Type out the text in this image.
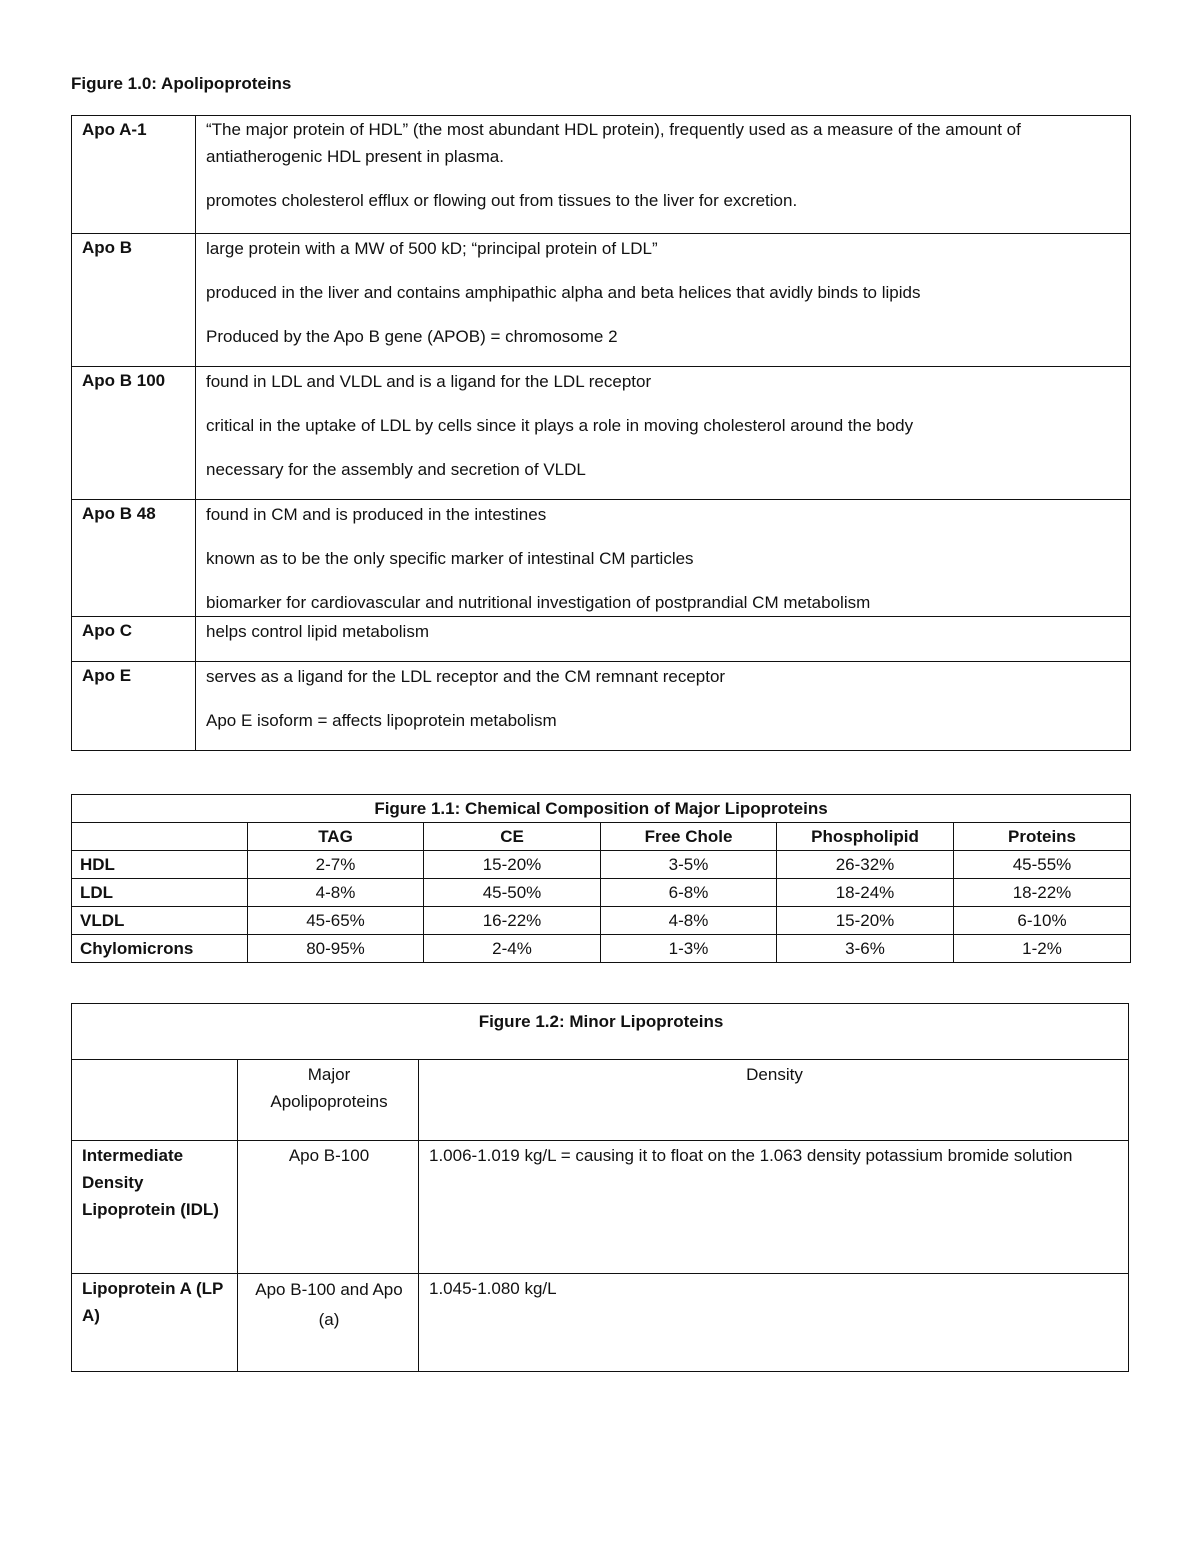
Figure 1.0: Apolipoproteins
Apo A-1	“The major protein of HDL” (the most abundant HDL protein), frequently used as a measure of the amount of antiatherogenic HDL present in plasma.
promotes cholesterol efflux or flowing out from tissues to the liver for excretion.

Apo B	large protein with a MW of 500 kD; “principal protein of LDL”
produced in the liver and contains amphipathic alpha and beta helices that avidly binds to lipids
Produced by the Apo B gene (APOB) = chromosome 2

Apo B 100	found in LDL and VLDL and is a ligand for the LDL receptor
critical in the uptake of LDL by cells since it plays a role in moving cholesterol around the body
necessary for the assembly and secretion of VLDL

Apo B 48	found in CM and is produced in the intestines
known as to be the only specific marker of intestinal CM particles
biomarker for cardiovascular and nutritional investigation of postprandial CM metabolism

Apo C	helps control lipid metabolism

Apo E	serves as a ligand for the LDL receptor and the CM remnant receptor
Apo E isoform = affects lipoprotein metabolism
Figure 1.1: Chemical Composition of Major Lipoproteins					
	TAG	CE	Free Chole	Phospholipid	Proteins
HDL	2-7%	15-20%	3-5%	26-32%	45-55%
LDL	4-8%	45-50%	6-8%	18-24%	18-22%
VLDL	45-65%	16-22%	4-8%	15-20%	6-10%
Chylomicrons	80-95%	2-4%	1-3%	3-6%	1-2%
Figure 1.2: Minor Lipoproteins		
	Major Apolipoproteins	Density
Intermediate Density Lipoprotein (IDL)	Apo B-100	1.006-1.019 kg/L = causing it to float on the 1.063 density potassium bromide solution
Lipoprotein A (LP A)	Apo B-100 and Apo (a)	1.045-1.080 kg/L
